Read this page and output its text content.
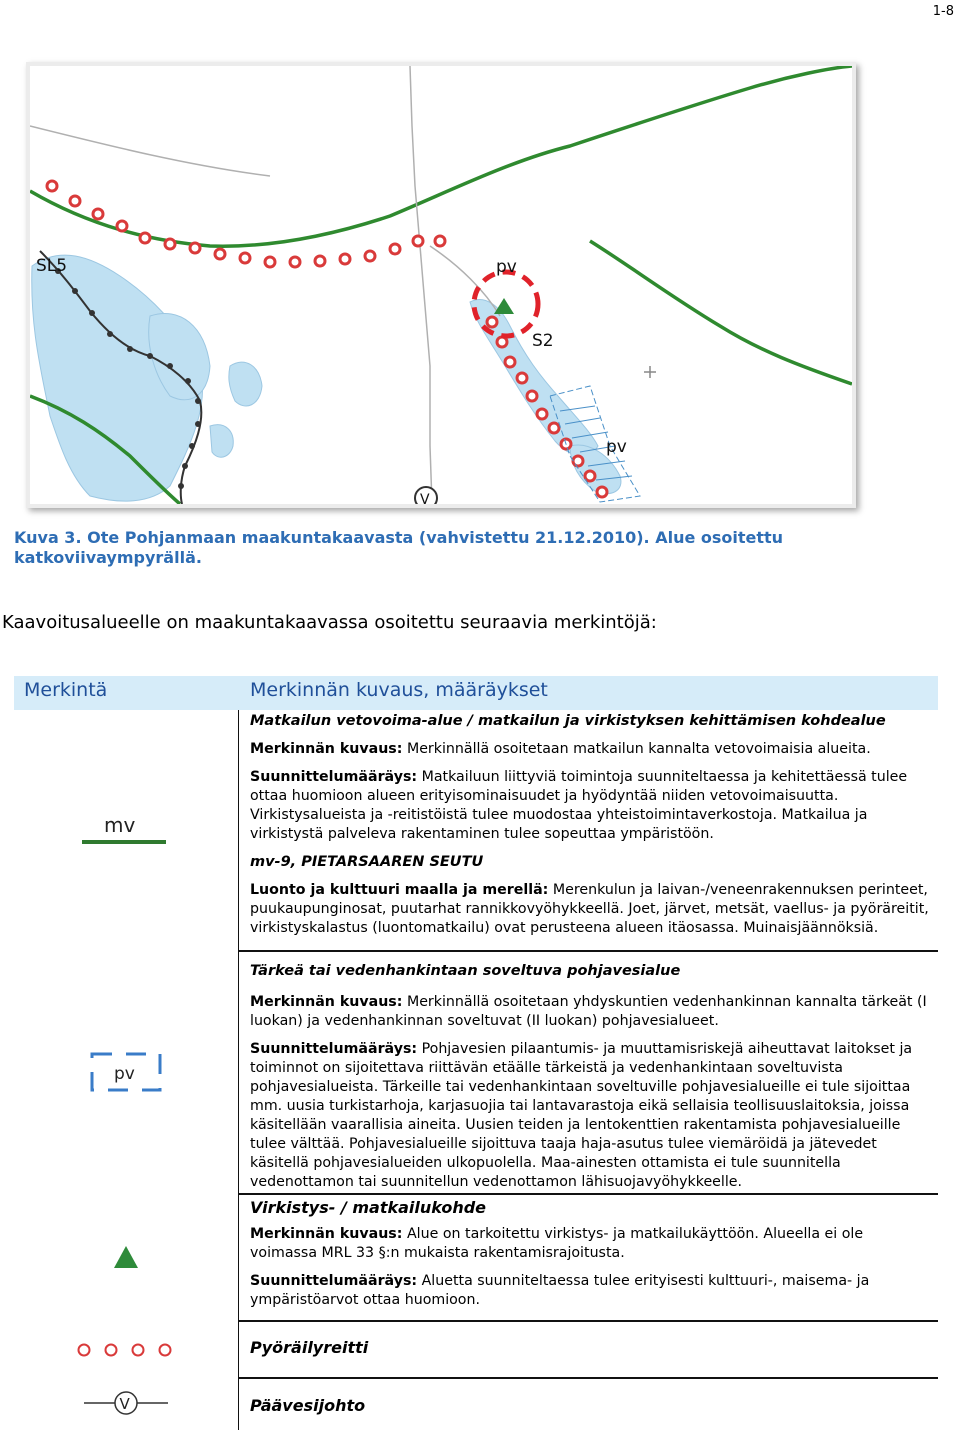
1-8
SL5	pv
S2
pv
V
Kuva 3. Ote Pohjanmaan maakuntakaavasta (vahvistettu 21.12.2010). Alue osoitettu katkoviivaympyrällä.
Kaavoitusalueelle on maakuntakaavassa osoitettu seuraavia merkintöjä:
Merkintä	Merkinnän kuvaus, määräykset
mv

Matkailun vetovoima-alue / matkailun ja virkistyksen kehittämisen kohdealue

Merkinnän kuvaus: Merkinnällä osoitetaan matkailun kannalta vetovoimaisia alueita.

Suunnittelumääräys: Matkailuun liittyviä toimintoja suunniteltaessa ja kehitettäessä tulee ottaa huomioon alueen erityisominaisuudet ja hyödyntää niiden vetovoimaisuutta. Virkistysalueista ja -reitistöistä tulee muodostaa yhteistoimintaverkostoja. Matkailua ja virkistystä palveleva rakentaminen tulee sopeuttaa ympäristöön.

mv-9, PIETARSAAREN SEUTU

Luonto ja kulttuuri maalla ja merellä: Merenkulun ja laivan-/veneenrakennuksen perinteet, puukaupunginosat, puutarhat rannikkovyöhykkeellä. Joet, järvet, metsät, vaellus- ja pyöräreitit, virkistyskalastus (luontomatkailu) ovat perusteena alueen itäosassa. Muinaisjäännöksiä.

pv

Tärkeä tai vedenhankintaan soveltuva pohjavesialue

Merkinnän kuvaus: Merkinnällä osoitetaan yhdyskuntien vedenhankinnan kannalta tärkeät (I luokan) ja vedenhankinnan soveltuvat (II luokan) pohjavesialueet.

Suunnittelumääräys: Pohjavesien pilaantumis- ja muuttamisriskejä aiheuttavat laitokset ja toiminnot on sijoitettava riittävän etäälle tärkeistä ja vedenhankintaan soveltuvista pohjavesialueista. Tärkeille tai vedenhankintaan soveltuville pohjavesialueille ei tule sijoittaa mm. uusia turkistarhoja, karjasuojia tai lantavarastoja eikä sellaisia teollisuuslaitoksia, joissa käsitellään vaarallisia aineita. Uusien teiden ja lentokenttien rakentamista pohjavesialueille tulee välttää. Pohjavesialueille sijoittuva taaja haja-asutus tulee viemäröidä ja jätevedet käsitellä pohjavesialueiden ulkopuolella. Maa-ainesten ottamista ei tule suunnitella vedenottamon tai suunnitellun vedenottamon lähisuojavyöhykkeelle.

Virkistys- / matkailukohde

Merkinnän kuvaus: Alue on tarkoitettu virkistys- ja matkailukäyttöön. Alueella ei ole voimassa MRL 33 §:n mukaista rakentamisrajoitusta.

Suunnittelumääräys: Aluetta suunniteltaessa tulee erityisesti kulttuuri-, maisema- ja ympäristöarvot ottaa huomioon.

Pyöräilyreitti

V	Päävesijohto
